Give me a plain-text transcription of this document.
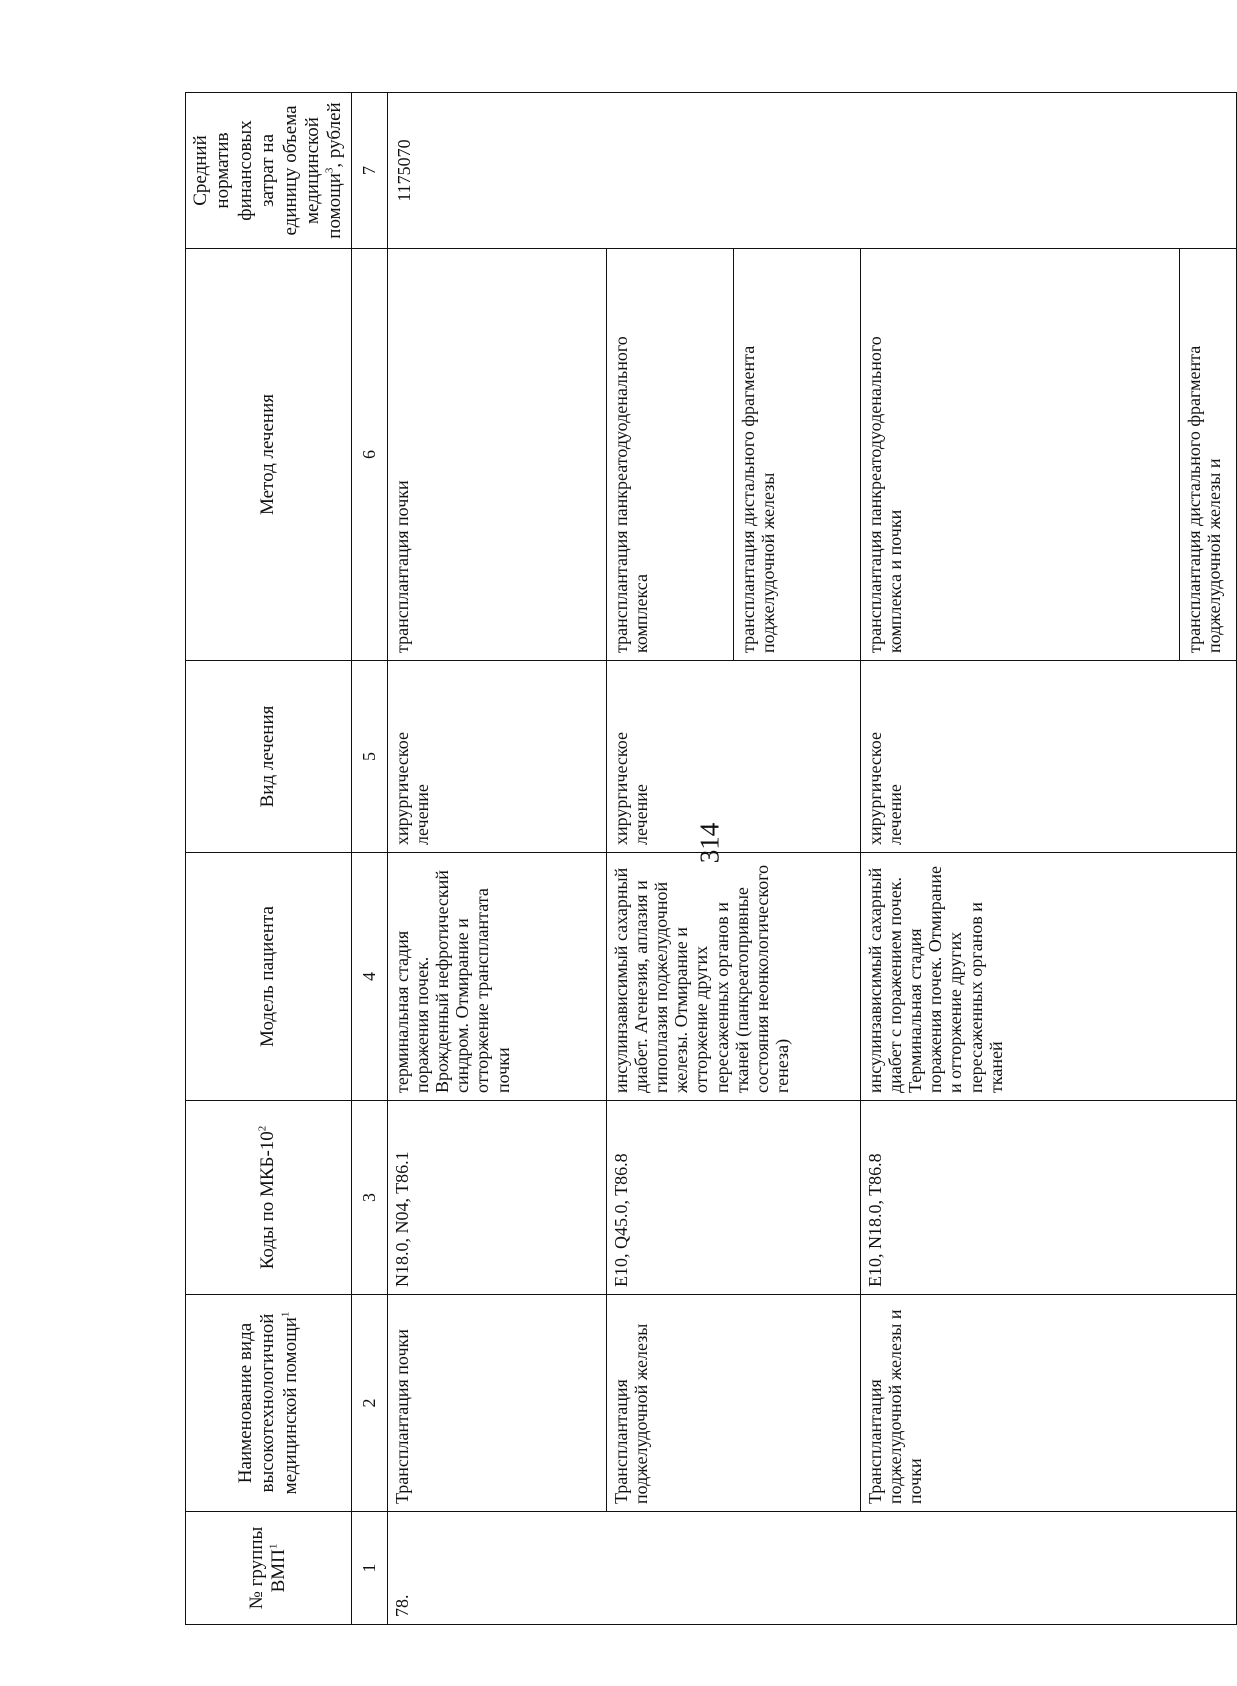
314
№ группы ВМП$^1$	Наименование вида высокотехнологичной медицинской помощи$^1$	Коды по МКБ-$10^2$	Модель пациента	Вид лечения	Метод лечения	Средний норматив финансовых затрат на единицу объема медицинской помощи$^3$, рублей
1	2	3	4	5	6	7
78.	Трансплантация почки	N18.0, N04, T86.1	терминальная стадия поражения почек. Врожденный нефротический синдром. Отмирание и отторжение трансплантата почки	хирургическое лечение	трансплантация почки	1175070
	Трансплантация поджелудочной железы	E10, Q45.0, T86.8	инсулинзависимый сахарный диабет. Агенезия, аплазия и гипоплазия поджелудочной железы. Отмирание и отторжение других пересаженных органов и тканей (панкреатопривные состояния неонкологического генеза)	хирургическое лечение	трансплантация панкреатодуоденального комплекса	
					трансплантация дистального фрагмента поджелудочной железы	
	Трансплантация поджелудочной железы и почки	E10, N18.0, T86.8	инсулинзависимый сахарный диабет с поражением почек. Терминальная стадия поражения почек. Отмирание и отторжение других пересаженных органов и тканей	хирургическое лечение	трансплантация панкреатодуоденального комплекса и почки	
					трансплантация дистального фрагмента поджелудочной железы и	
